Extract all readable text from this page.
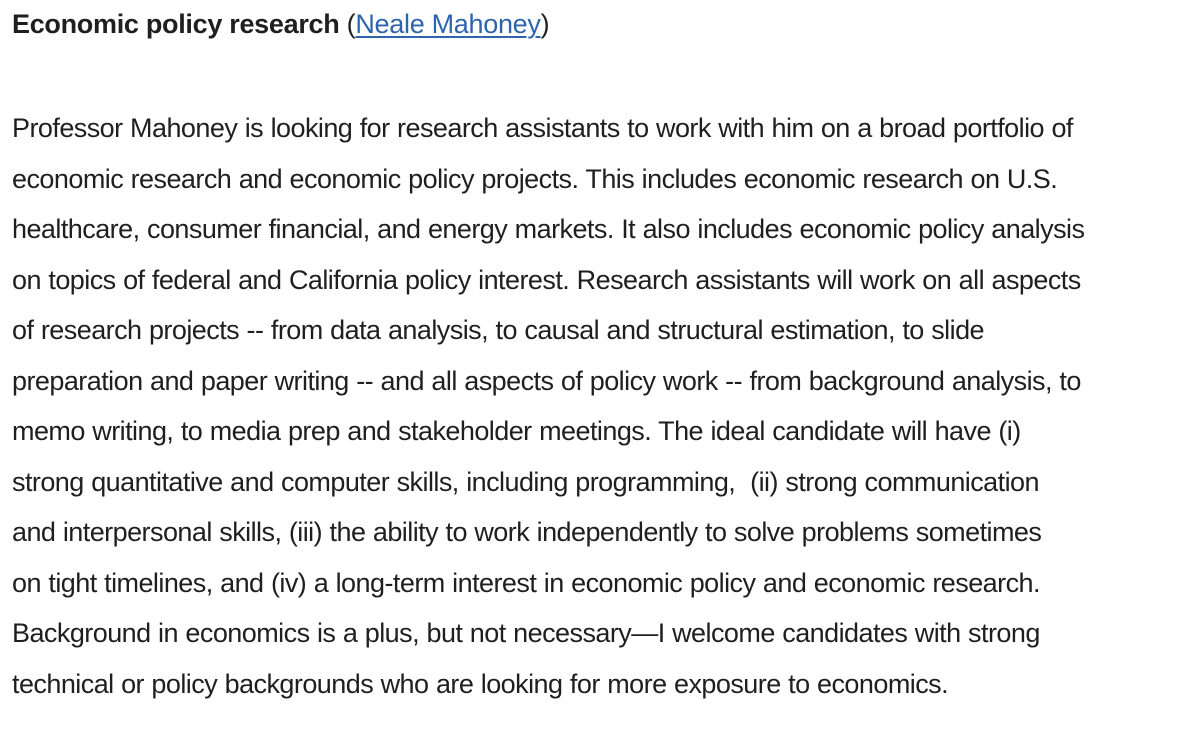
Economic policy research (Neale Mahoney)

Professor Mahoney is looking for research assistants to work with him on a broad portfolio of
economic research and economic policy projects. This includes economic research on U.S.
healthcare, consumer financial, and energy markets. It also includes economic policy analysis
on topics of federal and California policy interest. Research assistants will work on all aspects
of research projects -- from data analysis, to causal and structural estimation, to slide
preparation and paper writing -- and all aspects of policy work -- from background analysis, to
memo writing, to media prep and stakeholder meetings. The ideal candidate will have (i)
strong quantitative and computer skills, including programming,  (ii) strong communication
and interpersonal skills, (iii) the ability to work independently to solve problems sometimes
on tight timelines, and (iv) a long-term interest in economic policy and economic research.
Background in economics is a plus, but not necessary—I welcome candidates with strong
technical or policy backgrounds who are looking for more exposure to economics.
